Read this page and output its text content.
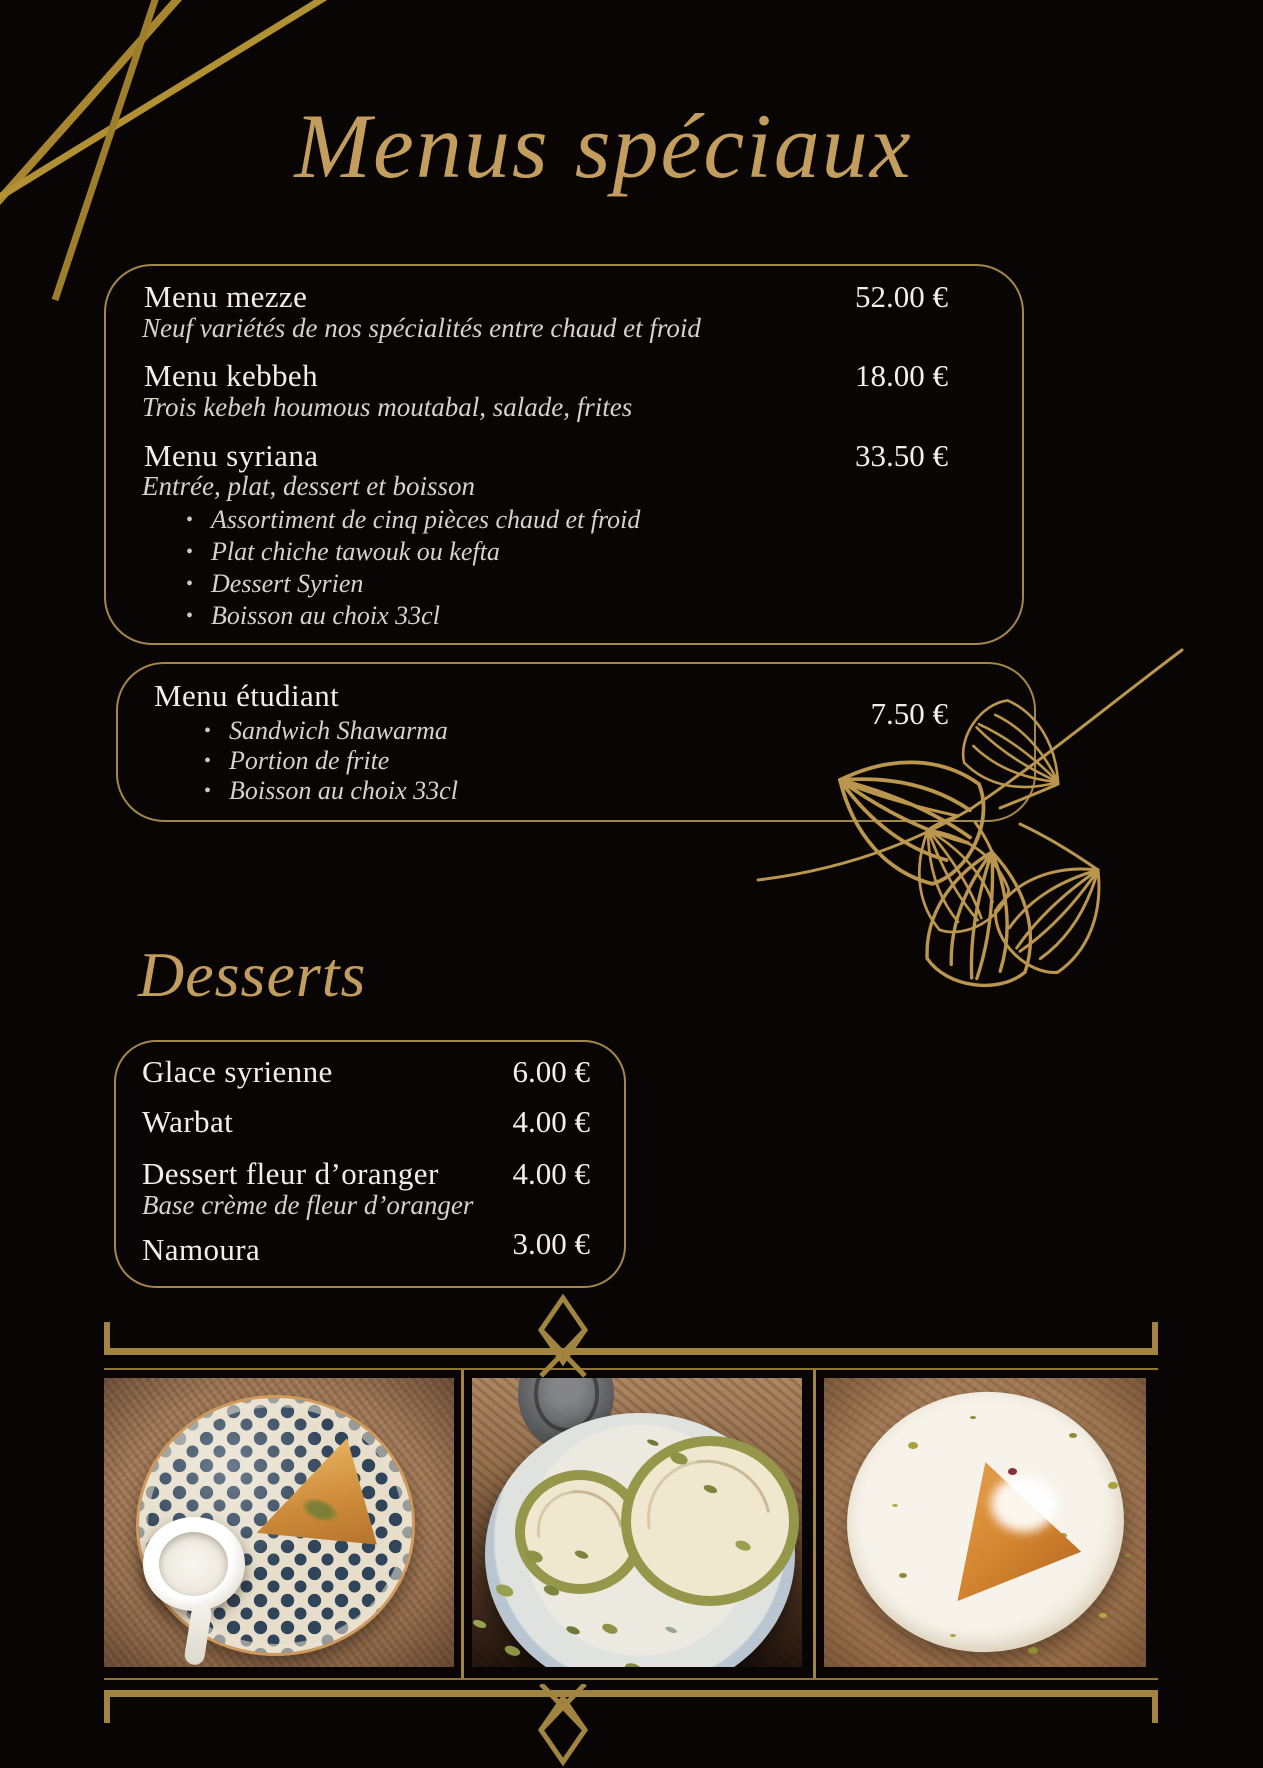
Menus spéciaux
Menu mezze	52.00 €
Neuf variétés de nos spécialités entre chaud et froid
Menu kebbeh	18.00 €
Trois kebeh houmous moutabal, salade, frites
Menu syriana	33.50 €
Entrée, plat, dessert et boisson
• Assortiment de cinq pièces chaud et froid
• Plat chiche tawouk ou kefta
• Dessert Syrien
• Boisson au choix 33cl
Menu étudiant
7.50 €
• Sandwich Shawarma
• Portion de frite
• Boisson au choix 33cl
Desserts
Glace syrienne	6.00 €
Warbat	4.00 €
Dessert fleur d’oranger 4.00 €
Base crème de fleur d’oranger
Namoura	3.00 €
